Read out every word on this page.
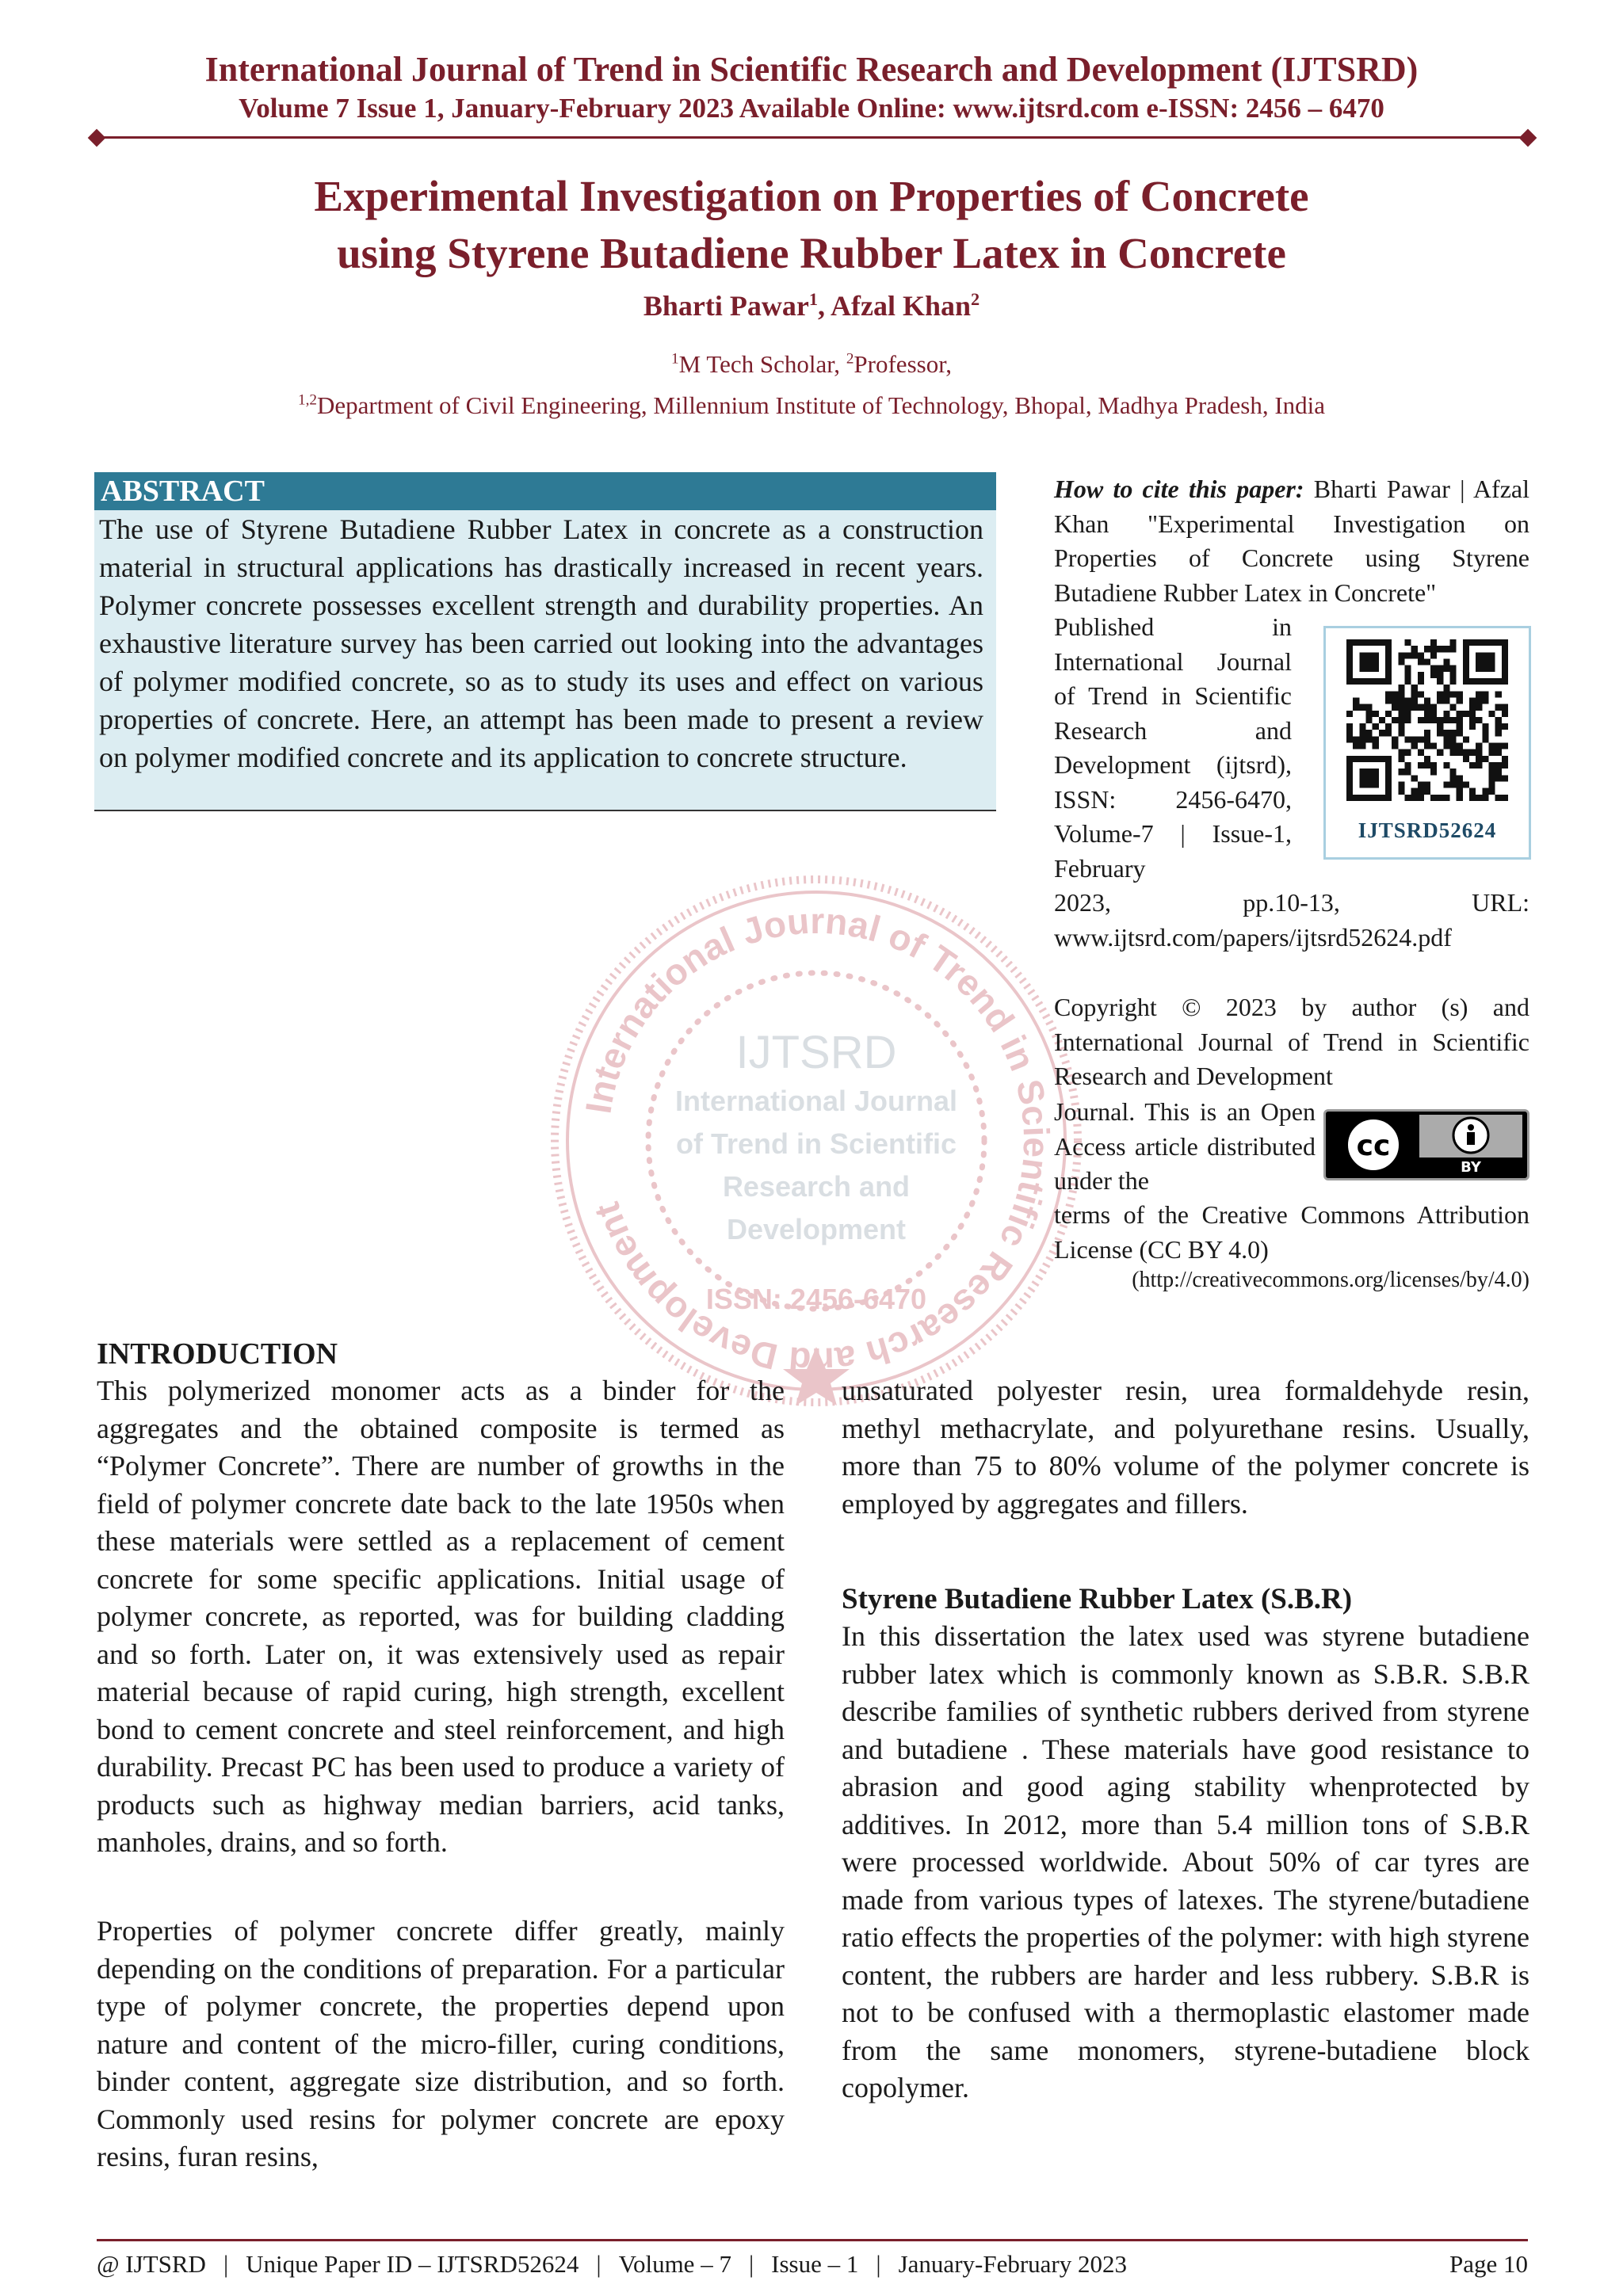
International Journal of Trend in Scientific Research and Development (IJTSRD)
Volume 7 Issue 1, January-February 2023 Available Online: www.ijtsrd.com e-ISSN: 2456 – 6470
Experimental Investigation on Properties of Concrete
using Styrene Butadiene Rubber Latex in Concrete
Bharti Pawar$^1$, Afzal Khan$^2$
$^1$M Tech Scholar, $^2$Professor,
$^{1,2}$Department of Civil Engineering, Millennium Institute of Technology, Bhopal, Madhya Pradesh, India
International Journal of Trend in Scientific Research and Development
IJTSRD
International Journal
of Trend in Scientific
Research and
Development
ISSN: 2456-6470
ABSTRACT
The use of Styrene Butadiene Rubber Latex in concrete as a construction material in structural applications has drastically increased in recent years. Polymer concrete possesses excellent strength and durability properties. An exhaustive literature survey has been carried out looking into the advantages of polymer modified concrete, so as to study its uses and effect on various properties of concrete. Here, an attempt has been made to present a review on polymer modified concrete and its application to concrete structure.
How to cite this paper: Bharti Pawar | Afzal Khan "Experimental Investigation on Properties of Concrete using Styrene Butadiene Rubber Latex in Concrete"
Published in International Journal of Trend in Scientific Research and Development (ijtsrd), ISSN: 2456-6470, Volume-7 | Issue-1, February
IJTSRD52624
2023, pp.10-13, URL: www.ijtsrd.com/papers/ijtsrd52624.pdf
Copyright © 2023 by author (s) and International Journal of Trend in Scientific Research and Development
Journal. This is an Open Access article distributed under the
cc
BY
terms of the Creative Commons Attribution License (CC BY 4.0)
(http://creativecommons.org/licenses/by/4.0)
INTRODUCTION
This polymerized monomer acts as a binder for the aggregates and the obtained composite is termed as “Polymer Concrete”. There are number of growths in the field of polymer concrete date back to the late 1950s when these materials were settled as a replacement of cement concrete for some specific applications. Initial usage of polymer concrete, as reported, was for building cladding and so forth. Later on, it was extensively used as repair material because of rapid curing, high strength, excellent bond to cement concrete and steel reinforcement, and high durability. Precast PC has been used to produce a variety of products such as highway median barriers, acid tanks, manholes, drains, and so forth.
Properties of polymer concrete differ greatly, mainly depending on the conditions of preparation. For a particular type of polymer concrete, the properties depend upon nature and content of the micro-filler, curing conditions, binder content, aggregate size distribution, and so forth. Commonly used resins for polymer concrete are epoxy resins, furan resins,
unsaturated polyester resin, urea formaldehyde resin, methyl methacrylate, and polyurethane resins. Usually, more than 75 to 80% volume of the polymer concrete is employed by aggregates and fillers.
Styrene Butadiene Rubber Latex (S.B.R)
In this dissertation the latex used was styrene butadiene rubber latex which is commonly known as S.B.R. S.B.R describe families of synthetic rubbers derived from styrene and butadiene . These materials have good resistance to abrasion and good aging stability whenprotected by additives. In 2012, more than 5.4 million tons of S.B.R were processed worldwide. About 50% of car tyres are made from various types of latexes. The styrene/butadiene ratio effects the properties of the polymer: with high styrene content, the rubbers are harder and less rubbery. S.B.R is not to be confused with a thermoplastic elastomer made from the same monomers, styrene-butadiene block copolymer.
@ IJTSRD | Unique Paper ID – IJTSRD52624 | Volume – 7 | Issue – 1 | January-February 2023	Page 10
